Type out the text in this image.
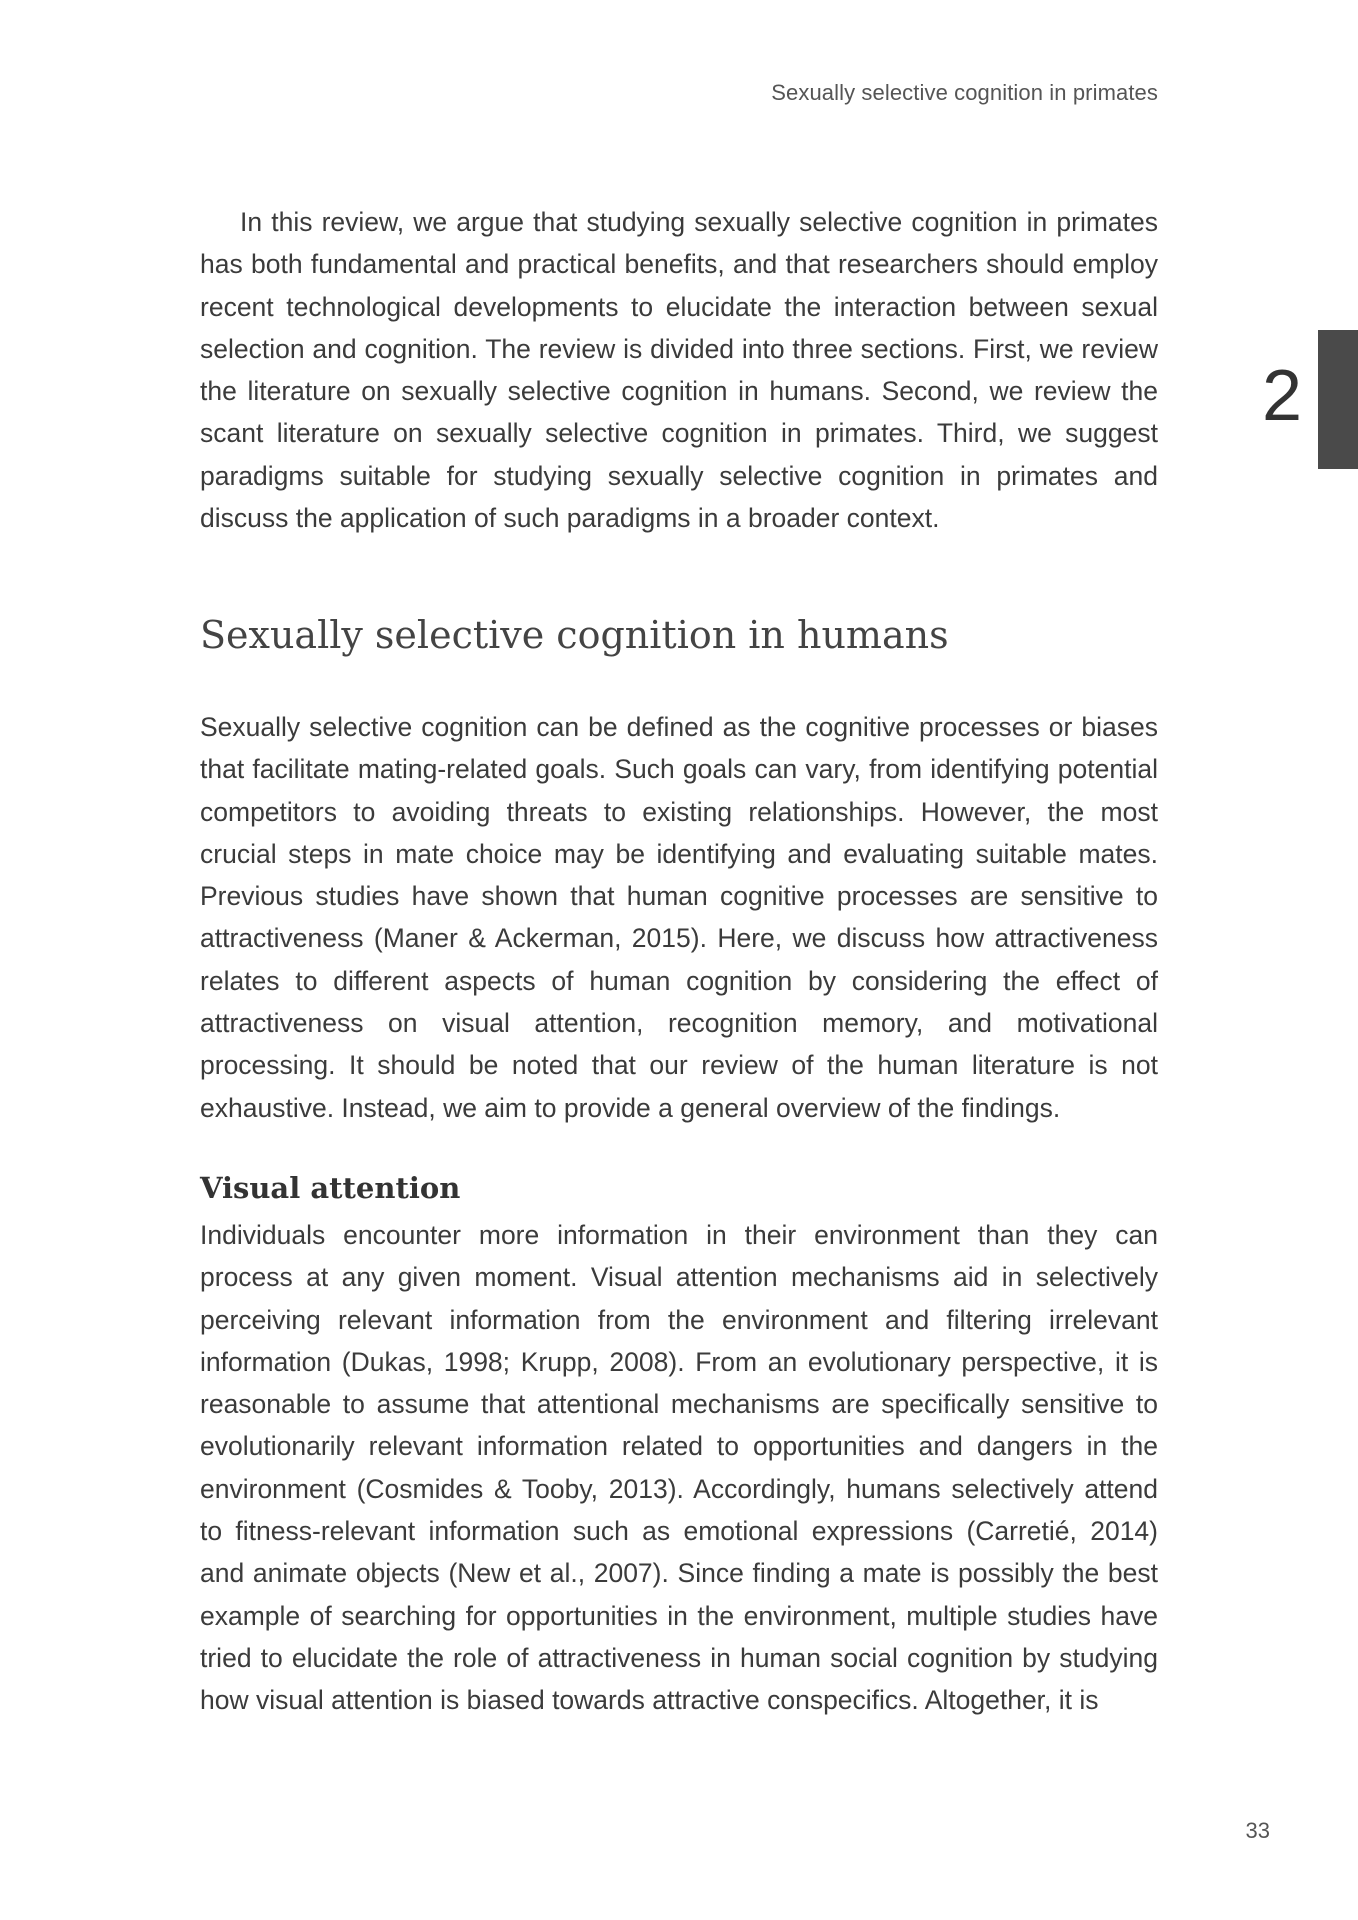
Sexually selective cognition in primates
2

In this review, we argue that studying sexually selective cognition in primates has both fundamental and practical benefits, and that researchers should employ recent technological developments to elucidate the interaction between sexual selection and cognition. The review is divided into three sections. First, we review the literature on sexually selective cognition in humans. Second, we review the scant literature on sexually selective cognition in primates. Third, we suggest paradigms suitable for studying sexually selective cognition in primates and discuss the application of such paradigms in a broader context.

Sexually selective cognition in humans

Sexually selective cognition can be defined as the cognitive processes or biases that facilitate mating-related goals. Such goals can vary, from identifying potential competitors to avoiding threats to existing relationships. However, the most crucial steps in mate choice may be identifying and evaluating suitable mates. Previous studies have shown that human cognitive processes are sensitive to attractiveness (Maner & Ackerman, 2015). Here, we discuss how attractiveness relates to different aspects of human cognition by considering the effect of attractiveness on visual attention, recognition memory, and motivational processing. It should be noted that our review of the human literature is not exhaustive. Instead, we aim to provide a general overview of the findings.

Visual attention

Individuals encounter more information in their environment than they can process at any given moment. Visual attention mechanisms aid in selectively perceiving relevant information from the environment and filtering irrelevant information (Dukas, 1998; Krupp, 2008). From an evolutionary perspective, it is reasonable to assume that attentional mechanisms are specifically sensitive to evolutionarily relevant information related to opportunities and dangers in the environment (Cosmides & Tooby, 2013). Accordingly, humans selectively attend to fitness-relevant information such as emotional expressions (Carretié, 2014) and animate objects (New et al., 2007). Since finding a mate is possibly the best example of searching for opportunities in the environment, multiple studies have tried to elucidate the role of attractiveness in human social cognition by studying how visual attention is biased towards attractive conspecifics. Altogether, it is

33
